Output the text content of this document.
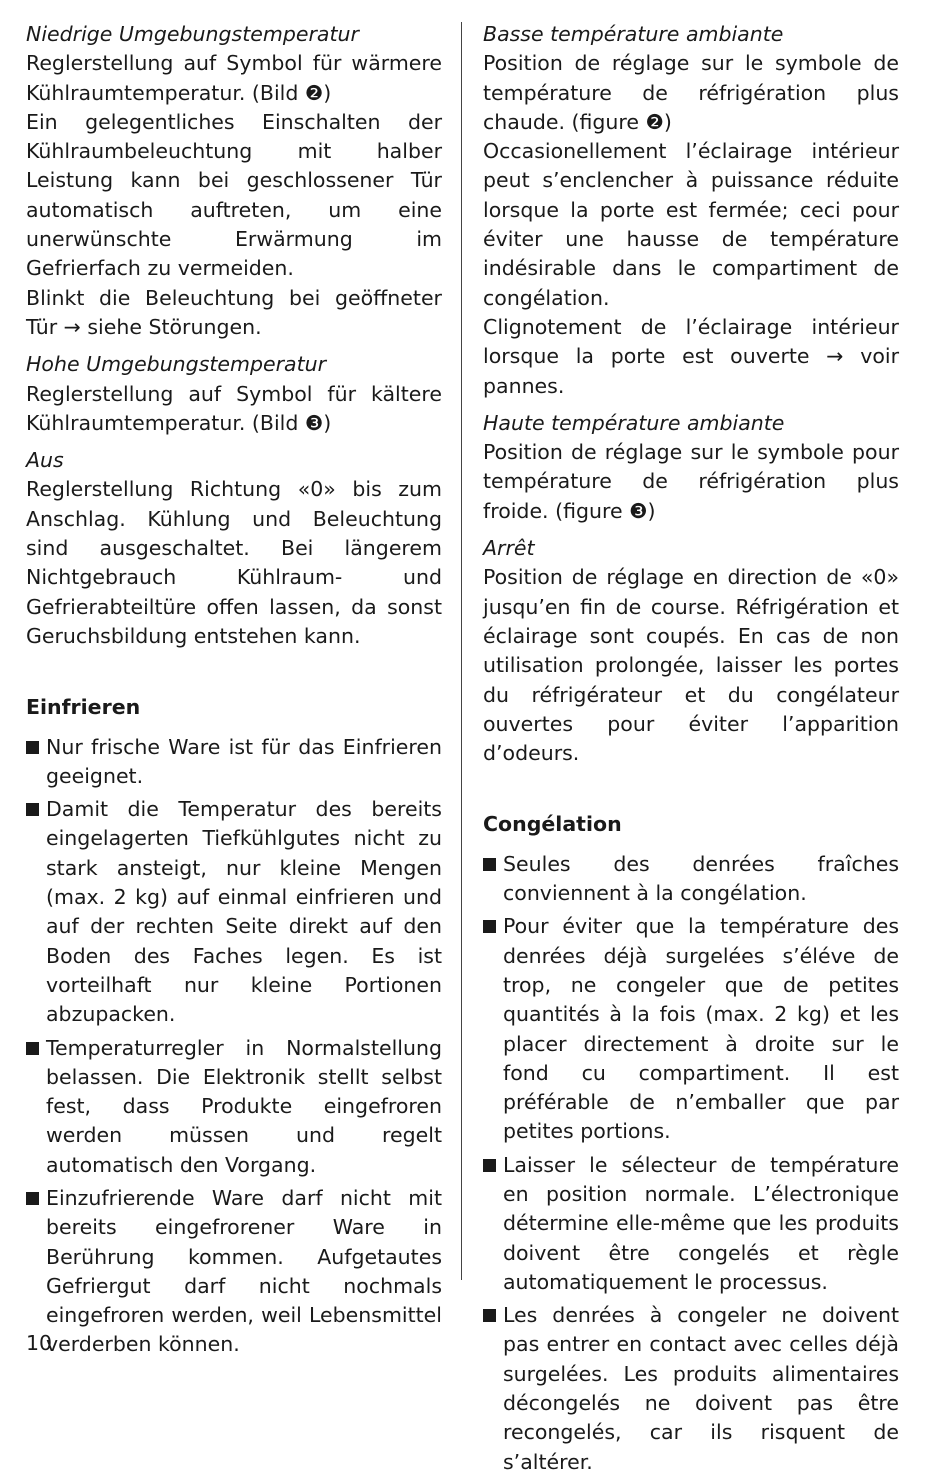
Niedrige Umgebungstemperatur

Reglerstellung auf Symbol für wärmere Kühlraumtemperatur. (Bild ❷)

Ein gelegentliches Einschalten der Kühlraumbeleuchtung mit halber Leistung kann bei geschlossener Tür automatisch auftreten, um eine unerwünschte Erwärmung im Gefrierfach zu vermeiden.

Blinkt die Beleuchtung bei geöffneter Tür → siehe Störungen.

Hohe Umgebungstemperatur

Reglerstellung auf Symbol für kältere Kühlraumtemperatur. (Bild ❸)

Aus

Reglerstellung Richtung «0» bis zum Anschlag. Kühlung und Beleuchtung sind ausgeschaltet. Bei längerem Nichtgebrauch Kühlraum- und Gefrierabteiltüre offen lassen, da sonst Geruchsbildung entstehen kann.

Einfrieren

Nur frische Ware ist für das Einfrieren geeignet.
Damit die Temperatur des bereits eingelagerten Tiefkühlgutes nicht zu stark ansteigt, nur kleine Mengen (max. 2 kg) auf einmal einfrieren und auf der rechten Seite direkt auf den Boden des Faches legen. Es ist vorteilhaft nur kleine Portionen abzupacken.
Temperaturregler in Normalstellung belassen. Die Elektronik stellt selbst fest, dass Produkte eingefroren werden müssen und regelt automatisch den Vorgang.
Einzufrierende Ware darf nicht mit bereits eingefrorener Ware in Berührung kommen. Aufgetautes Gefriergut darf nicht nochmals eingefroren werden, weil Lebensmittel verderben können.

Basse température ambiante

Position de réglage sur le symbole de température de réfrigération plus chaude. (figure ❷)

Occasionellement l’éclairage intérieur peut s’enclencher à puissance réduite lorsque la porte est fermée; ceci pour éviter une hausse de température indésirable dans le compartiment de congélation.

Clignotement de l’éclairage intérieur lorsque la porte est ouverte → voir pannes.

Haute température ambiante

Position de réglage sur le symbole pour température de réfrigération plus froide. (figure ❸)

Arrêt

Position de réglage en direction de «0» jusqu’en fin de course. Réfrigération et éclairage sont coupés. En cas de non utilisation prolongée, laisser les portes du réfrigérateur et du congélateur ouvertes pour éviter l’apparition d’odeurs.

Congélation

Seules des denrées fraîches conviennent à la congélation.
Pour éviter que la température des denrées déjà surgelées s’éléve de trop, ne congeler que de petites quantités à la fois (max. 2 kg) et les placer directement à droite sur le fond cu compartiment. Il est préférable de n’emballer que par petites portions.
Laisser le sélecteur de température en position normale. L’électronique détermine elle-même que les produits doivent être congelés et règle automatiquement le processus.
Les denrées à congeler ne doivent pas entrer en contact avec celles déjà surgelées. Les produits alimentaires décongelés ne doivent pas être recongelés, car ils risquent de s’altérer.
10
